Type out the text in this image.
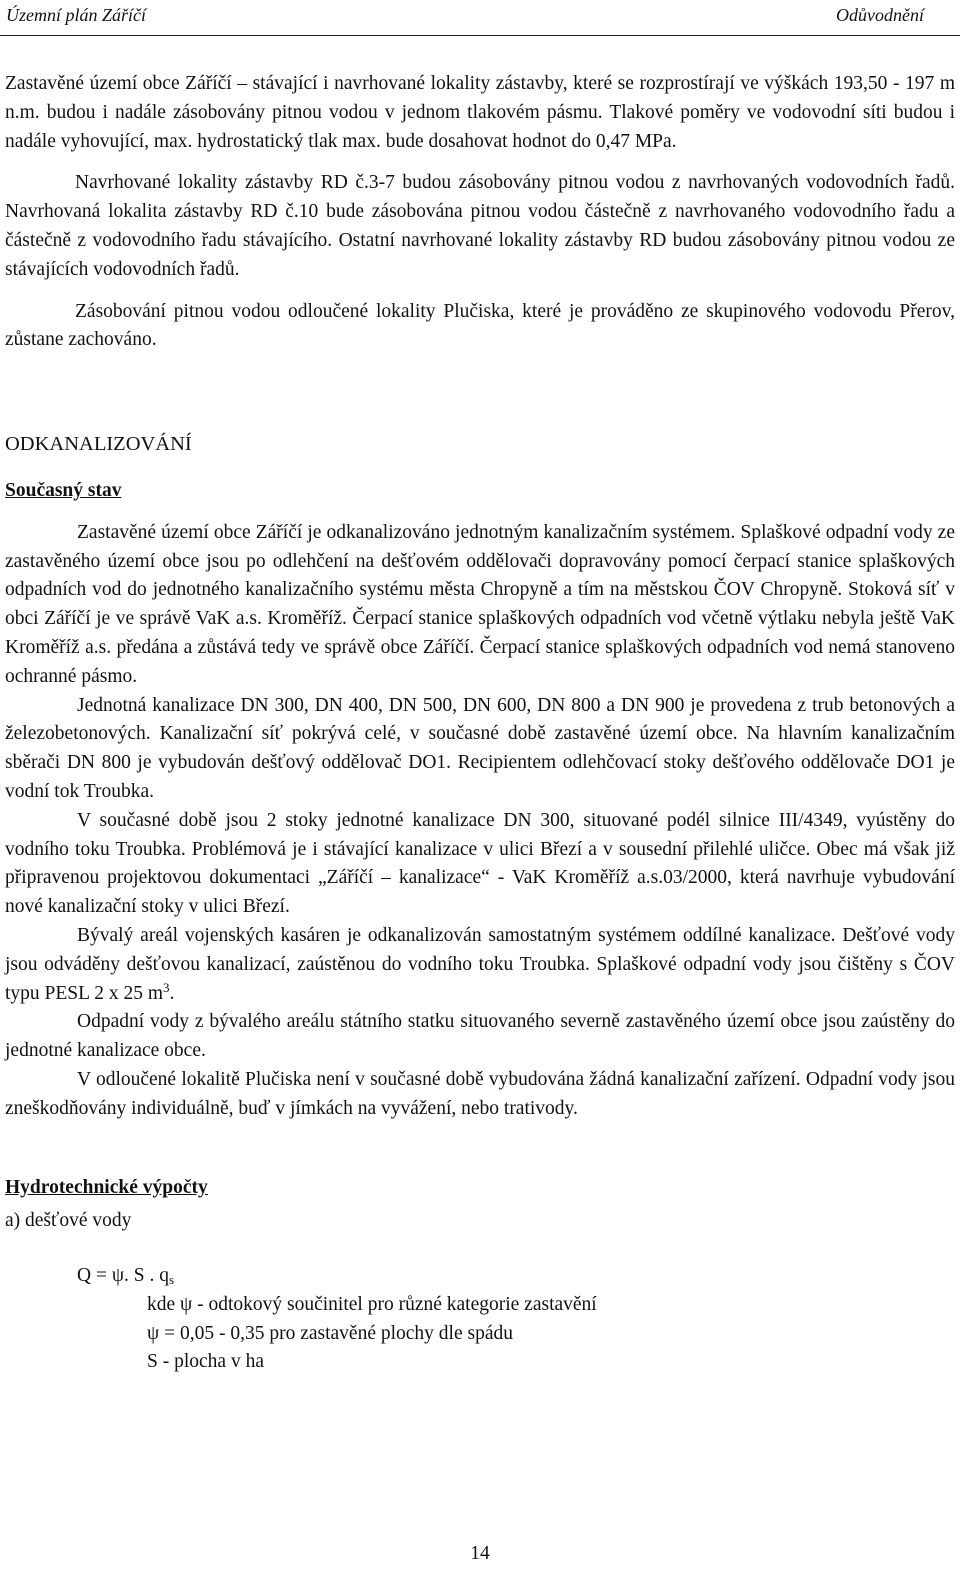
Územní plán Záříčí	Odůvodnění

Zastavěné území obce Záříčí – stávající i navrhované lokality zástavby, které se rozprostírají ve výškách 193,50 - 197 m n.m. budou i nadále zásobovány pitnou vodou v jednom tlakovém pásmu. Tlakové poměry ve vodovodní síti budou i nadále vyhovující, max. hydrostatický tlak max. bude dosahovat hodnot do 0,47 MPa.

Navrhované lokality zástavby RD č.3-7 budou zásobovány pitnou vodou z navrhovaných vodovodních řadů. Navrhovaná lokalita zástavby RD č.10 bude zásobována pitnou vodou částečně z navrhovaného vodovodního řadu a částečně z vodovodního řadu stávajícího. Ostatní navrhované lokality zástavby RD budou zásobovány pitnou vodou ze stávajících vodovodních řadů.

Zásobování pitnou vodou odloučené lokality Plučiska, které je prováděno ze skupinového vodovodu Přerov, zůstane zachováno.

ODKANALIZOVÁNÍ

Současný stav

Zastavěné území obce Záříčí je odkanalizováno jednotným kanalizačním systémem. Splaškové odpadní vody ze zastavěného území obce jsou po odlehčení na dešťovém oddělovači dopravovány pomocí čerpací stanice splaškových odpadních vod do jednotného kanalizačního systému města Chropyně a tím na městskou ČOV Chropyně. Stoková síť v obci Záříčí je ve správě VaK a.s. Kroměříž. Čerpací stanice splaškových odpadních vod včetně výtlaku nebyla ještě VaK Kroměříž a.s. předána a zůstává tedy ve správě obce Záříčí. Čerpací stanice splaškových odpadních vod nemá stanoveno ochranné pásmo.

Jednotná kanalizace DN 300, DN 400, DN 500, DN 600, DN 800 a DN 900 je provedena z trub betonových a železobetonových. Kanalizační síť pokrývá celé, v současné době zastavěné území obce. Na hlavním kanalizačním sběrači DN 800 je vybudován dešťový oddělovač DO1. Recipientem odlehčovací stoky dešťového oddělovače DO1 je vodní tok Troubka.

V současné době jsou 2 stoky jednotné kanalizace DN 300, situované podél silnice III/4349, vyústěny do vodního toku Troubka. Problémová je i stávající kanalizace v ulici Březí a v sousední přilehlé uličce. Obec má však již připravenou projektovou dokumentaci „Záříčí – kanalizace“ - VaK Kroměříž a.s.03/2000, která navrhuje vybudování nové kanalizační stoky v ulici Březí.

Bývalý areál vojenských kasáren je odkanalizován samostatným systémem oddílné kanalizace. Dešťové vody jsou odváděny dešťovou kanalizací, zaústěnou do vodního toku Troubka. Splaškové odpadní vody jsou čištěny s ČOV typu PESL 2 x 25 $m^3$.

Odpadní vody z bývalého areálu státního statku situovaného severně zastavěného území obce jsou zaústěny do jednotné kanalizace obce.

V odloučené lokalitě Plučiska není v současné době vybudována žádná kanalizační zařízení. Odpadní vody jsou zneškodňovány individuálně, buď v jímkách na vyvážení, nebo trativody.

Hydrotechnické výpočty

a) dešťové vody

Q = ψ. S . $q_s$

kde ψ - odtokový součinitel pro různé kategorie zastavění

ψ = 0,05 - 0,35 pro zastavěné plochy dle spádu

S - plocha v ha

14
